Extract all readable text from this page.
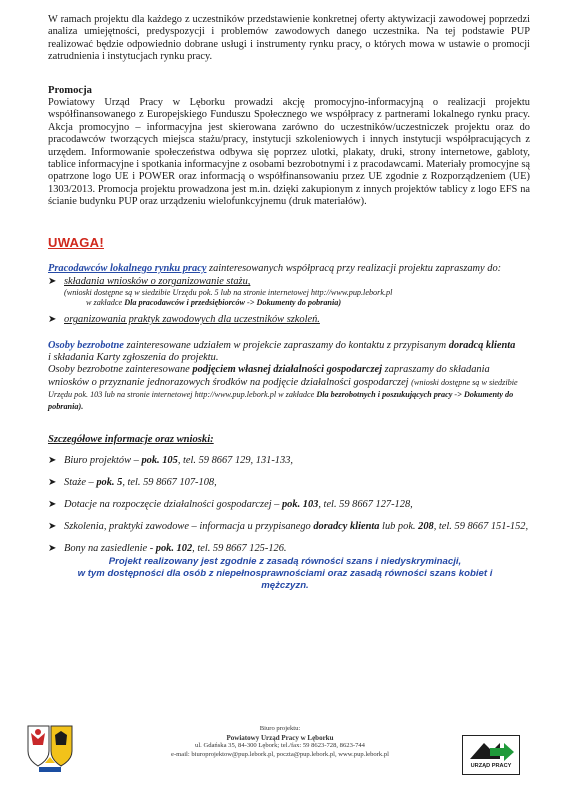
W ramach projektu dla każdego z uczestników przedstawienie konkretnej oferty aktywizacji zawodowej poprzedzi analiza umiejętności, predyspozycji i problemów zawodowych danego uczestnika. Na tej podstawie PUP realizować będzie odpowiednio dobrane usługi i instrumenty rynku pracy, o których mowa w ustawie o promocji zatrudnienia i instytucjach rynku pracy.

Promocja

Powiatowy Urząd Pracy w Lęborku prowadzi akcję promocyjno-informacyjną o realizacji projektu współfinansowanego z Europejskiego Funduszu Społecznego we współpracy z partnerami lokalnego rynku pracy. Akcja promocyjno – informacyjna jest skierowana zarówno do uczestników/uczestniczek projektu oraz do pracodawców tworzących miejsca stażu/pracy, instytucji szkoleniowych i innych instytucji współpracujących z urzędem. Informowanie społeczeństwa odbywa się poprzez ulotki, plakaty, druki, strony internetowe, gabloty, tablice informacyjne i spotkania informacyjne z osobami bezrobotnymi i z pracodawcami. Materiały promocyjne są opatrzone logo UE i POWER oraz informacją o współfinansowaniu przez UE zgodnie z Rozporządzeniem (UE) 1303/2013. Promocja projektu prowadzona jest m.in. dzięki zakupionym z innych projektów tablicy z logo EFS na ścianie budynku PUP oraz urządzeniu wielofunkcyjnemu (druk materiałów).

UWAGA!

Pracodawców lokalnego rynku pracy zainteresowanych współpracą przy realizacji projektu zapraszamy do:

➤ składania wniosków o zorganizowanie stażu,

(wnioski dostępne są w siedzibie Urzędu pok. 5 lub na stronie internetowej http://www.pup.lebork.pl

w zakładce Dla pracodawców i przedsiębiorców -> Dokumenty do pobrania)

➤ organizowania praktyk zawodowych dla uczestników szkoleń.

Osoby bezrobotne zainteresowane udziałem w projekcie zapraszamy do kontaktu z przypisanym doradcą klienta

i składania Karty zgłoszenia do projektu.

Osoby bezrobotne zainteresowane podjęciem własnej działalności gospodarczej zapraszamy do składania wniosków o przyznanie jednorazowych środków na podjęcie działalności gospodarczej (wnioski dostępne są w siedzibie Urzędu pok. 103 lub na stronie internetowej http://www.pup.lebork.pl w zakładce Dla bezrobotnych i poszukujących pracy -> Dokumenty do pobrania).

Szczegółowe informacje oraz wnioski:

➤ Biuro projektów – pok. 105, tel. 59 8667 129, 131-133,
➤ Staże – pok. 5, tel. 59 8667 107-108,
➤ Dotacje na rozpoczęcie działalności gospodarczej – pok. 103, tel. 59 8667 127-128,
➤ Szkolenia, praktyki zawodowe – informacja u przypisanego doradcy klienta lub pok. 208, tel. 59 8667 151-152,
➤ Bony na zasiedlenie - pok. 102, tel. 59 8667 125-126.

Projekt realizowany jest zgodnie z zasadą równości szans i niedyskryminacji,

w tym dostępności dla osób z niepełnosprawnościami oraz zasadą równości szans kobiet i mężczyzn.

Biuro projektu:

Powiatowy Urząd Pracy w Lęborku

ul. Gdańska 35, 84-300 Lębork; tel./fax: 59 8623-728, 8623-744

e-mail: biuroprojektow@pup.lebork.pl, poczta@pup.lebork.pl, www.pup.lebork.pl

URZĄD PRACY
